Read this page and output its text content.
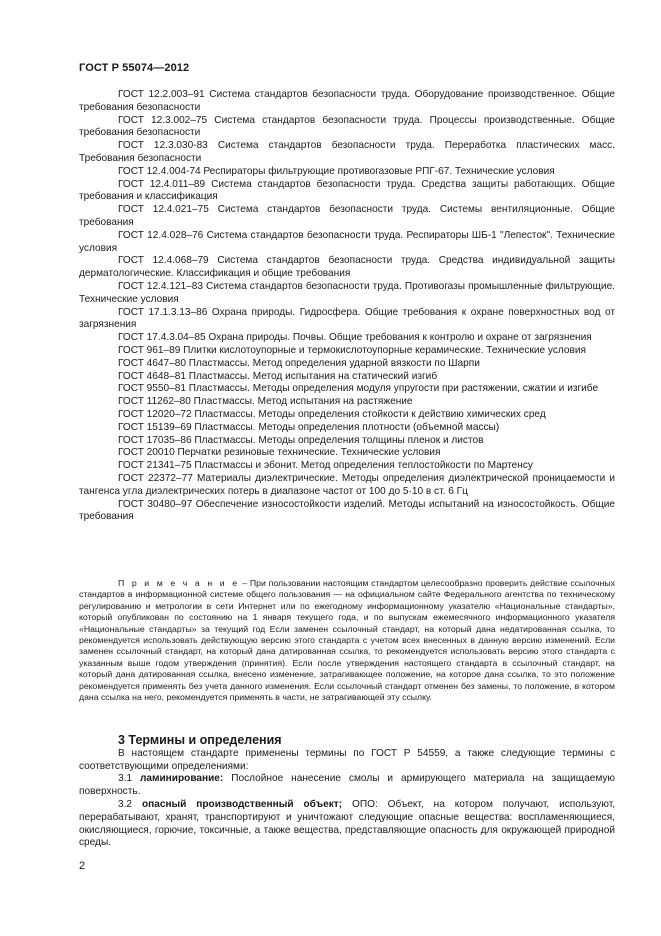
ГОСТ Р 55074—2012
ГОСТ 12.2.003–91 Система стандартов безопасности труда. Оборудование производственное. Общие требования безопасности
ГОСТ 12.3.002–75 Система стандартов безопасности труда. Процессы производственные. Общие требования безопасности
ГОСТ 12.3.030-83 Система стандартов безопасности труда. Переработка пластических масс. Требования безопасности
ГОСТ 12.4.004-74 Респираторы фильтрующие противогазовые РПГ-67. Технические условия
ГОСТ 12.4.011–89 Система стандартов безопасности труда. Средства защиты работающих. Общие требования и классификация
ГОСТ 12.4.021–75 Система стандартов безопасности труда. Системы вентиляционные. Общие требования
ГОСТ 12.4.028–76 Система стандартов безопасности труда. Респираторы ШБ-1 "Лепесток". Технические условия
ГОСТ 12.4.068–79 Система стандартов безопасности труда. Средства индивидуальной защиты дерматологические. Классификация и общие требования
ГОСТ 12.4.121–83 Система стандартов безопасности труда. Противогазы промышленные фильтрующие. Технические условия
ГОСТ 17.1.3.13–86 Охрана природы. Гидросфера. Общие требования к охране поверхностных вод от загрязнения
ГОСТ 17.4.3.04–85 Охрана природы. Почвы. Общие требования к контролю и охране от загрязнения
ГОСТ 961–89 Плитки кислотоупорные и термокислотоупорные керамические. Технические условия
ГОСТ 4647–80 Пластмассы. Метод определения ударной вязкости по Шарпи
ГОСТ 4648–81 Пластмассы. Метод испытания на статический изгиб
ГОСТ 9550–81 Пластмассы. Методы определения модуля упругости при растяжении, сжатии и изгибе
ГОСТ 11262–80 Пластмассы. Метод испытания на растяжение
ГОСТ 12020–72 Пластмассы. Методы определения стойкости к действию химических сред
ГОСТ 15139–69 Пластмассы. Методы определения плотности (объемной массы)
ГОСТ 17035–86 Пластмассы. Методы определения толщины пленок и листов
ГОСТ 20010 Перчатки резиновые технические. Технические условия
ГОСТ 21341–75 Пластмассы и эбонит. Метод определения теплостойкости по Мартенсу
ГОСТ 22372–77 Материалы диэлектрические. Методы определения диэлектрической проницаемости и тангенса угла диэлектрических потерь в диапазоне частот от 100 до 5·10 в ст. 6 Гц
ГОСТ 30480–97 Обеспечение износостойкости изделий. Методы испытаний на износостойкость. Общие требования
П р и м е ч а н и е – При пользовании настоящим стандартом целесообразно проверить действие ссылочных стандартов в информационной системе общего пользования — на официальном сайте Федерального агентства по техническому регулированию и метрологии в сети Интернет или по ежегодному информационному указателю «Национальные стандарты», который опубликован по состоянию на 1 января текущего года, и по выпускам ежемесячного информационного указателя «Национальные стандарты» за текущий год Если заменен ссылочный стандарт, на который дана недатированная ссылка, то рекомендуется использовать действующую версию этого стандарта с учетом всех внесенных в данную версию изменений. Если заменен ссылочный стандарт, на который дана датированная ссылка, то рекомендуется использовать версию этого стандарта с указанным выше годом утверждения (принятия). Если после утверждения настоящего стандарта в ссылочный стандарт, на который дана датированная ссылка, внесено изменение, затрагивающее положение, на которое дана ссылка, то это положение рекомендуется применять без учета данного изменения. Если ссылочный стандарт отменен без замены, то положение, в котором дана ссылка на него, рекомендуется применять в части, не затрагивающей эту ссылку.
3 Термины и определения
В настоящем стандарте применены термины по ГОСТ Р 54559, а также следующие термины с соответствующими определениями:
3.1 ламинирование: Послойное нанесение смолы и армирующего материала на защищаемую поверхность.
3.2 опасный производственный объект; ОПО: Объект, на котором получают, используют, перерабатывают, хранят, транспортируют и уничтожают следующие опасные вещества: воспламеняющиеся, окисляющиеся, горючие, токсичные, а также вещества, представляющие опасность для окружающей природной среды.
2
